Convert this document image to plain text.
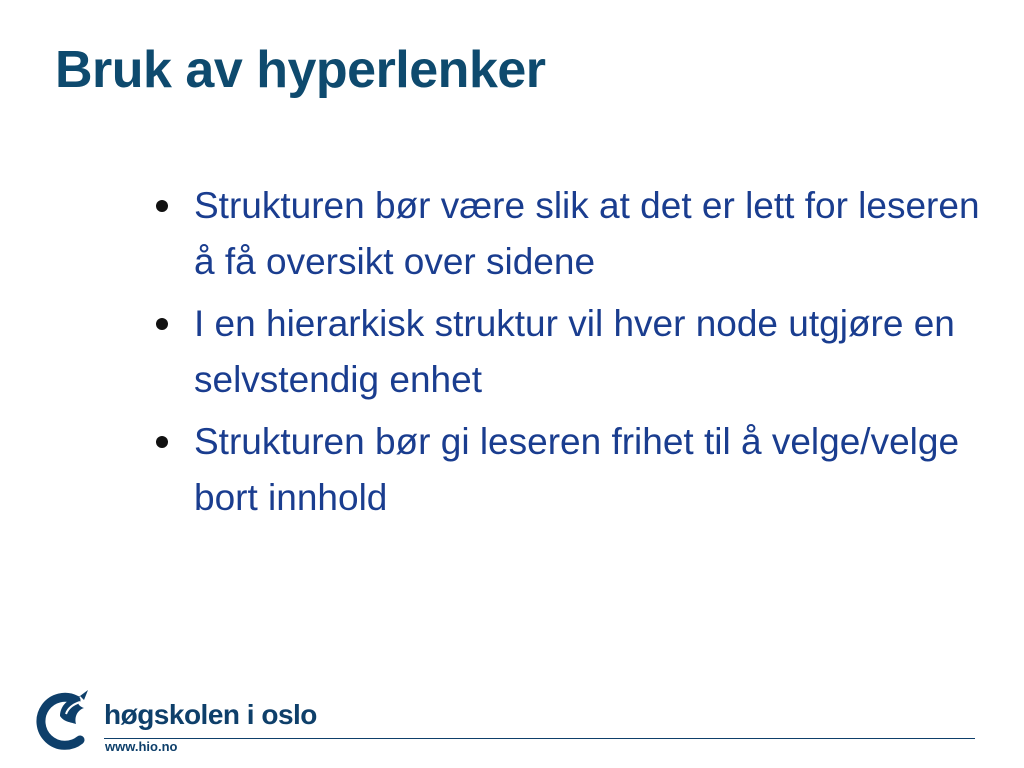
Bruk av hyperlenker
Strukturen bør være slik at det er lett for leseren å få oversikt over sidene
I en hierarkisk struktur vil hver node utgjøre en selvstendig enhet
Strukturen bør gi leseren frihet til å velge/velge bort innhold
høgskolen i oslo
www.hio.no
